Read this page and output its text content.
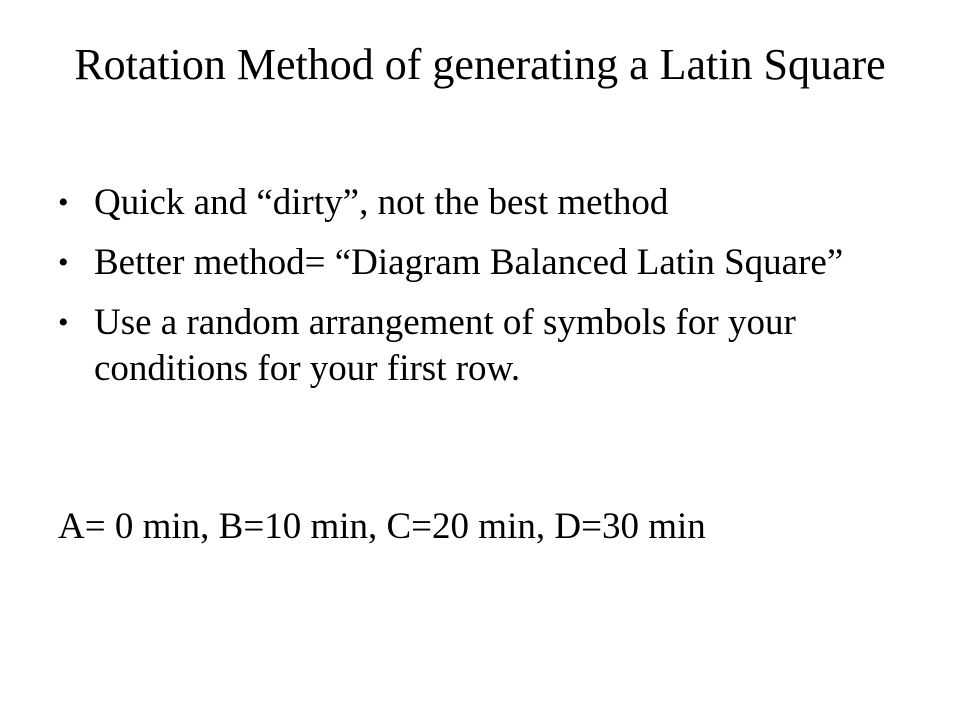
Rotation Method of generating a Latin Square
• Quick and “dirty”, not the best method
• Better method= “Diagram Balanced Latin Square”
• Use a random arrangement of symbols for your conditions for your first row.

A= 0 min, B=10 min, C=20 min, D=30 min
